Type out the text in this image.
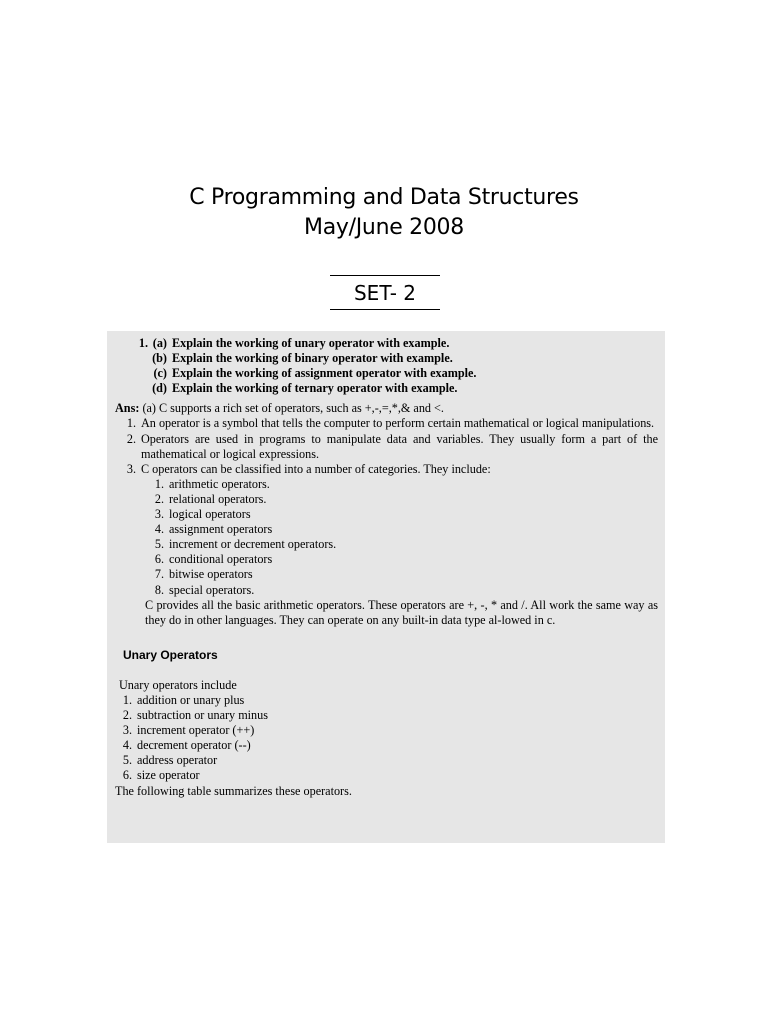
C Programming and Data Structures
May/June 2008
SET- 2
1. (a) Explain the working of unary operator with example.
(b) Explain the working of binary operator with example.
(c) Explain the working of assignment operator with example.
(d) Explain the working of ternary operator with example.
Ans: (a) C supports a rich set of operators, such as +,-,=,*,& and <.
1. An operator is a symbol that tells the computer to perform certain mathematical or logical manipulations.
2. Operators are used in programs to manipulate data and variables. They usually form a part of the mathematical or logical expressions.
3. C operators can be classified into a number of categories. They include:
1. arithmetic operators.
2. relational operators.
3. logical operators
4. assignment operators
5. increment or decrement operators.
6. conditional operators
7. bitwise operators
8. special operators.
C provides all the basic arithmetic operators. These operators are +, -, * and /. All work the same way as they do in other languages. They can operate on any built-in data type al-lowed in c.
Unary Operators
Unary operators include
1. addition or unary plus
2. subtraction or unary minus
3. increment operator (++)
4. decrement operator (--)
5. address operator
6. size operator
The following table summarizes these operators.
